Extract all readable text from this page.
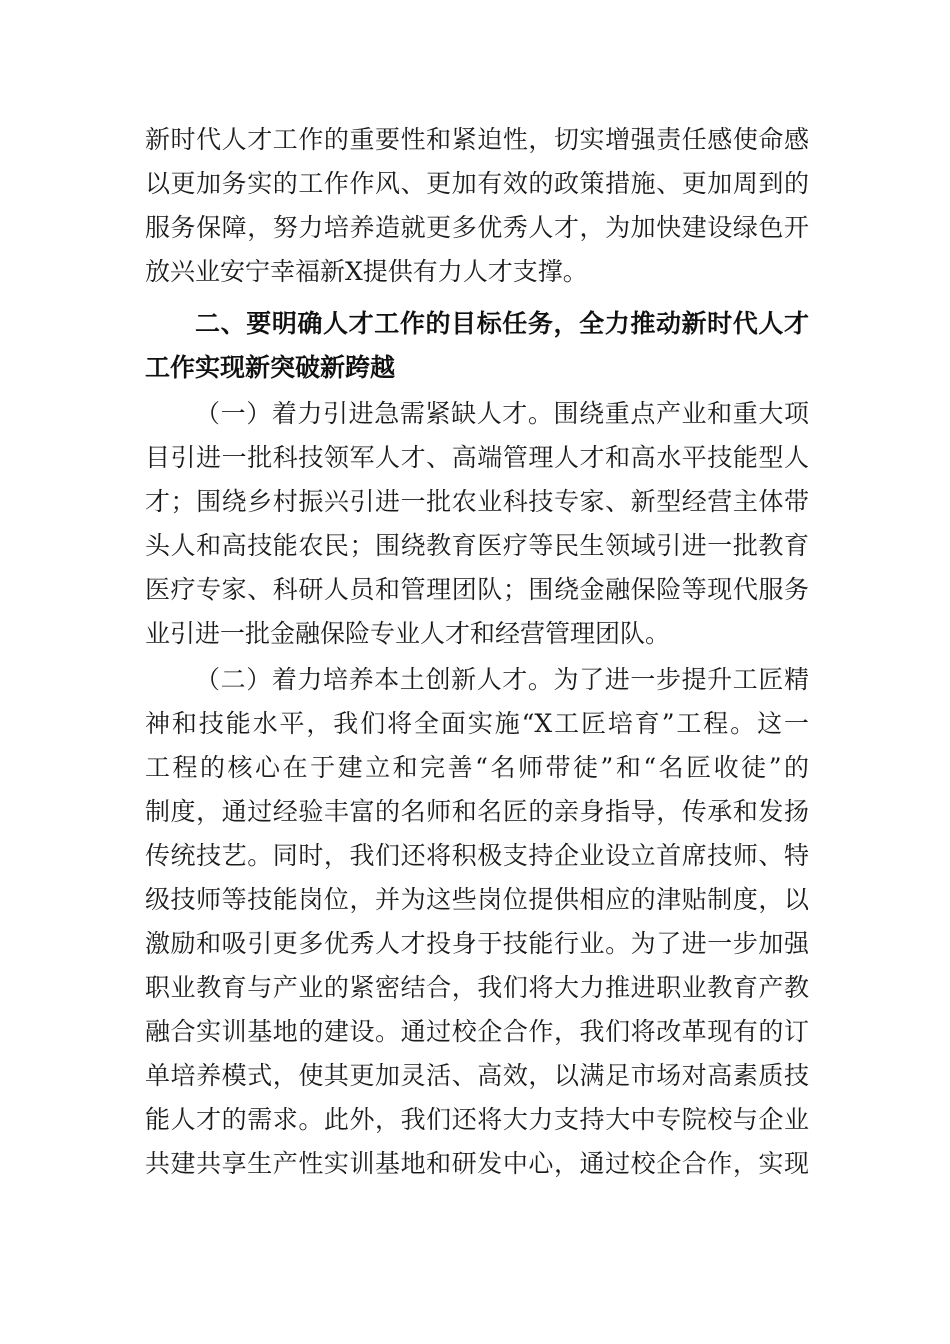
新时代人才工作的重要性和紧迫性，切实增强责任感使命感
以更加务实的工作作风、更加有效的政策措施、更加周到的
服务保障，努力培养造就更多优秀人才，为加快建设绿色开
放兴业安宁幸福新X提供有力人才支撑。
二、要明确人才工作的目标任务，全力推动新时代人才
工作实现新突破新跨越
（一）着力引进急需紧缺人才。围绕重点产业和重大项
目引进一批科技领军人才、高端管理人才和高水平技能型人
才；围绕乡村振兴引进一批农业科技专家、新型经营主体带
头人和高技能农民；围绕教育医疗等民生领域引进一批教育
医疗专家、科研人员和管理团队；围绕金融保险等现代服务
业引进一批金融保险专业人才和经营管理团队。
（二）着力培养本土创新人才。为了进一步提升工匠精
神和技能水平，我们将全面实施“X工匠培育”工程。这一
工程的核心在于建立和完善“名师带徒”和“名匠收徒”的
制度，通过经验丰富的名师和名匠的亲身指导，传承和发扬
传统技艺。同时，我们还将积极支持企业设立首席技师、特
级技师等技能岗位，并为这些岗位提供相应的津贴制度，以
激励和吸引更多优秀人才投身于技能行业。为了进一步加强
职业教育与产业的紧密结合，我们将大力推进职业教育产教
融合实训基地的建设。通过校企合作，我们将改革现有的订
单培养模式，使其更加灵活、高效，以满足市场对高素质技
能人才的需求。此外，我们还将大力支持大中专院校与企业
共建共享生产性实训基地和研发中心，通过校企合作，实现
